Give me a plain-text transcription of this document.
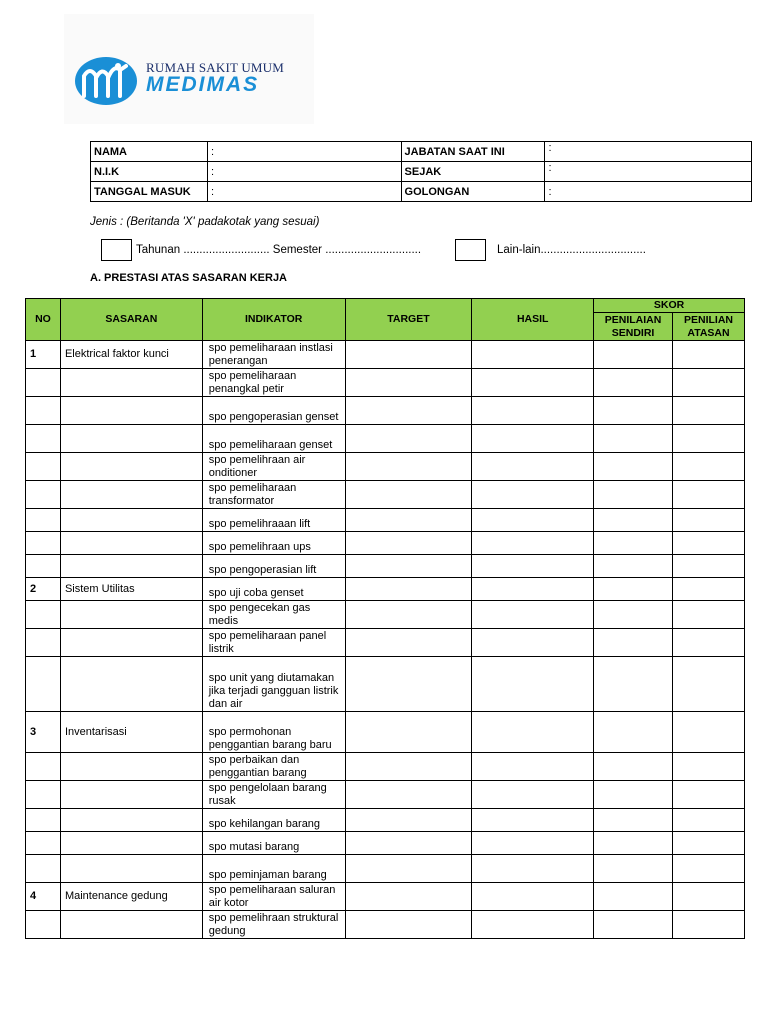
RUMAH SAKIT UMUM
MEDIMAS
NAMA	:	JABATAN SAAT INI	:
N.I.K	:	SEJAK	:
TANGGAL MASUK	:	GOLONGAN	:
Jenis : (Beritanda 'X' padakotak yang sesuai)
Tahunan ........................... Semester ..............................	Lain-lain.................................
A. PRESTASI ATAS SASARAN KERJA
NO	SASARAN	INDIKATOR	TARGET	HASIL	SKOR	
					PENILAIAN SENDIRI	PENILIAN ATASAN
1	Elektrical faktor kunci	spo pemeliharaan instlasi penerangan				
		spo pemeliharaan penangkal petir				
		spo pengoperasian genset				
		spo pemeliharaan genset				
		spo pemelihraan air onditioner				
		spo pemeliharaan transformator				
		spo pemelihraaan lift				
		spo pemelihraan ups				
		spo pengoperasian lift				
2	Sistem Utilitas	spo uji coba genset				
		spo pengecekan gas medis				
		spo pemeliharaan panel listrik				
		spo unit yang diutamakan jika terjadi gangguan listrik dan air				
3	Inventarisasi	spo permohonan penggantian barang baru				
		spo perbaikan dan penggantian barang				
		spo pengelolaan barang rusak				
		spo kehilangan barang				
		spo mutasi barang				
		spo peminjaman barang				
4	Maintenance gedung	spo pemeliharaan saluran air kotor				
		spo pemelihraan struktural gedung				
